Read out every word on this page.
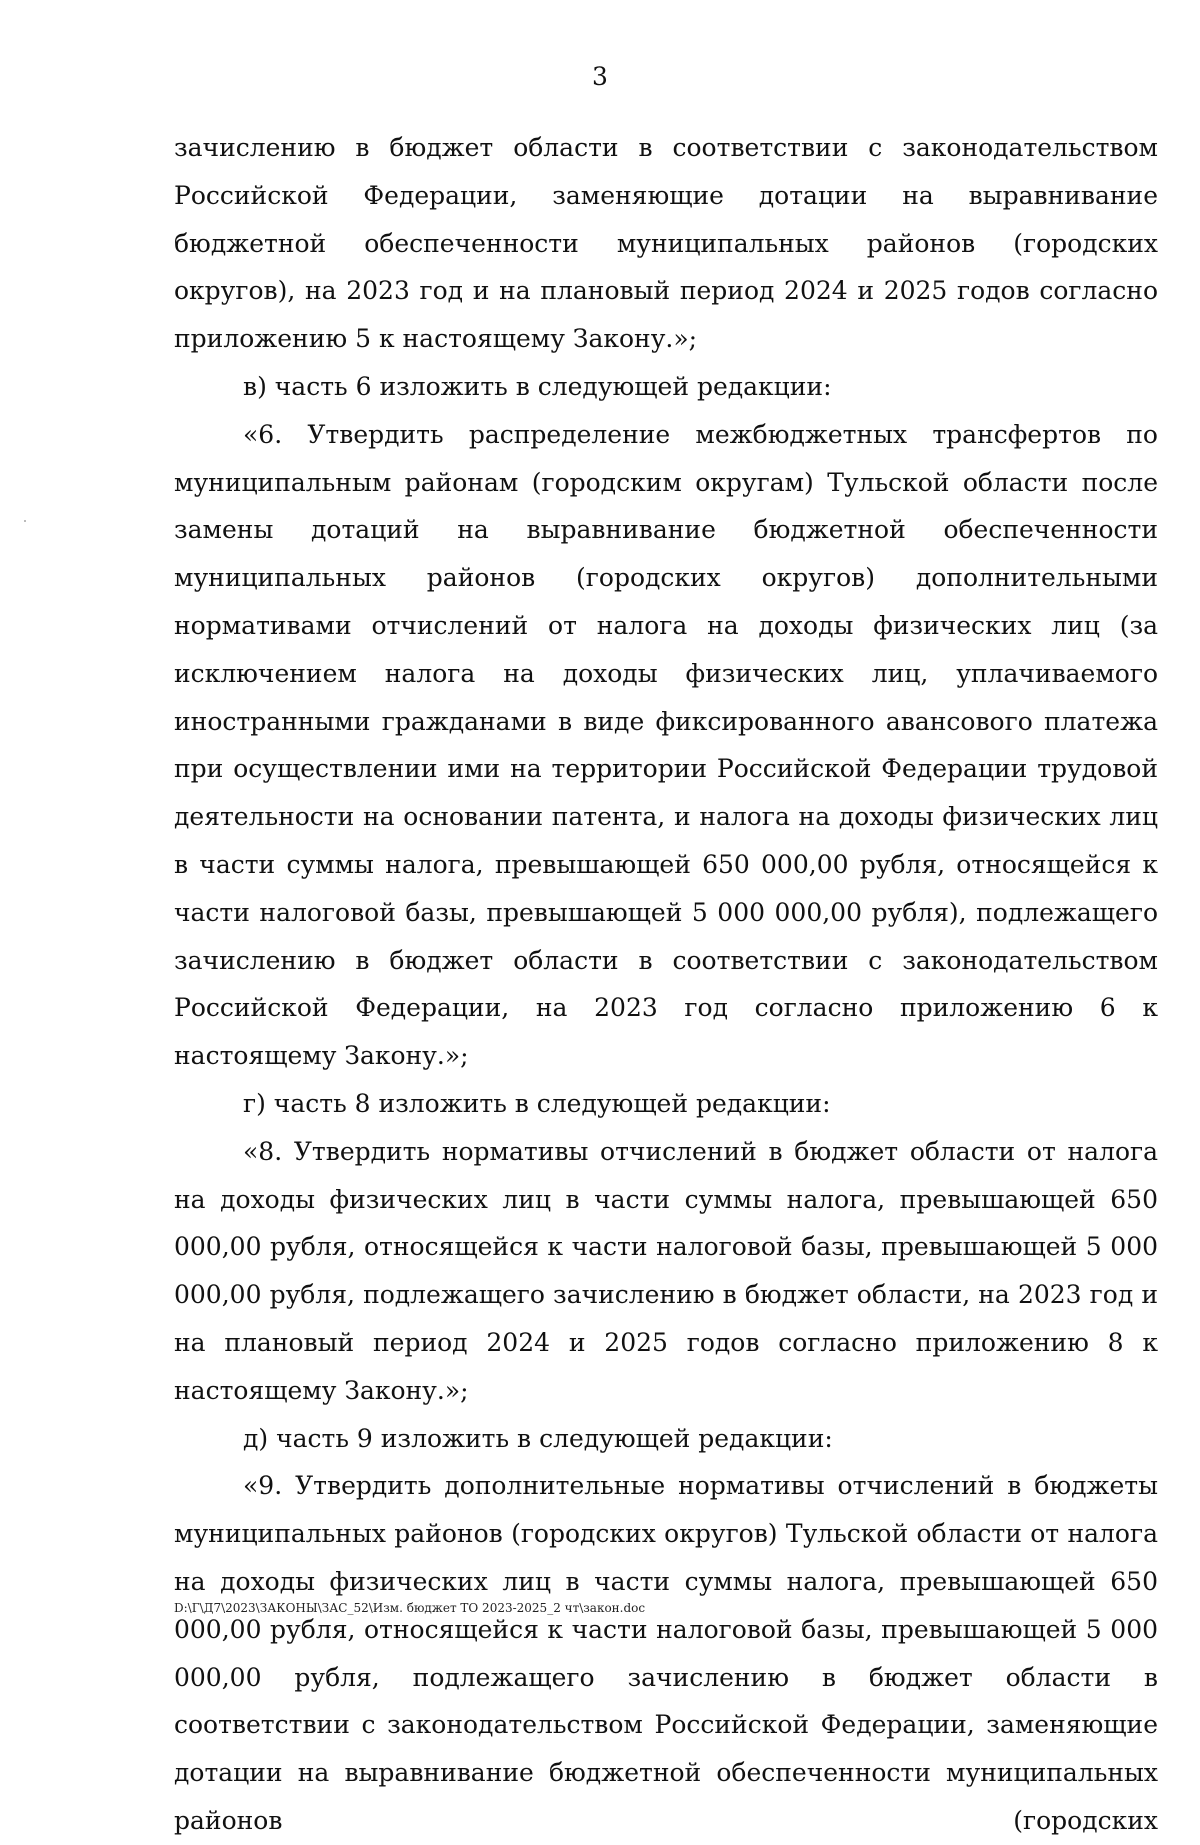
3

зачислению в бюджет области в соответствии с законодательством Российской Федерации, заменяющие дотации на выравнивание бюджетной обеспеченности муниципальных районов (городских округов), на 2023 год и на плановый период 2024 и 2025 годов согласно приложению 5 к настоящему Закону.»;

в) часть 6 изложить в следующей редакции:

«6. Утвердить распределение межбюджетных трансфертов по муниципальным районам (городским округам) Тульской области после замены дотаций на выравнивание бюджетной обеспеченности муниципальных районов (городских округов) дополнительными нормативами отчислений от налога на доходы физических лиц (за исключением налога на доходы физических лиц, уплачиваемого иностранными гражданами в виде фиксированного авансового платежа при осуществлении ими на территории Российской Федерации трудовой деятельности на основании патента, и налога на доходы физических лиц в части суммы налога, превышающей 650 000,00 рубля, относящейся к части налоговой базы, превышающей 5 000 000,00 рубля), подлежащего зачислению в бюджет области в соответствии с законодательством Российской Федерации, на 2023 год согласно приложению 6 к настоящему Закону.»;

г) часть 8 изложить в следующей редакции:

«8. Утвердить нормативы отчислений в бюджет области от налога на доходы физических лиц в части суммы налога, превышающей 650 000,00 рубля, относящейся к части налоговой базы, превышающей 5 000 000,00 рубля, подлежащего зачислению в бюджет области, на 2023 год и на плановый период 2024 и 2025 годов согласно приложению 8 к настоящему Закону.»;

д) часть 9 изложить в следующей редакции:

«9. Утвердить дополнительные нормативы отчислений в бюджеты муниципальных районов (городских округов) Тульской области от налога на доходы физических лиц в части суммы налога, превышающей 650 000,00 рубля, относящейся к части налоговой базы, превышающей 5 000 000,00 рубля, подлежащего зачислению в бюджет области в соответствии с законодательством Российской Федерации, заменяющие дотации на выравнивание бюджетной обеспеченности муниципальных районов (городских

D:\Г\Д7\2023\ЗАКОНЫ\ЗАС_52\Изм. бюджет ТО 2023-2025_2 чт\закон.doc
